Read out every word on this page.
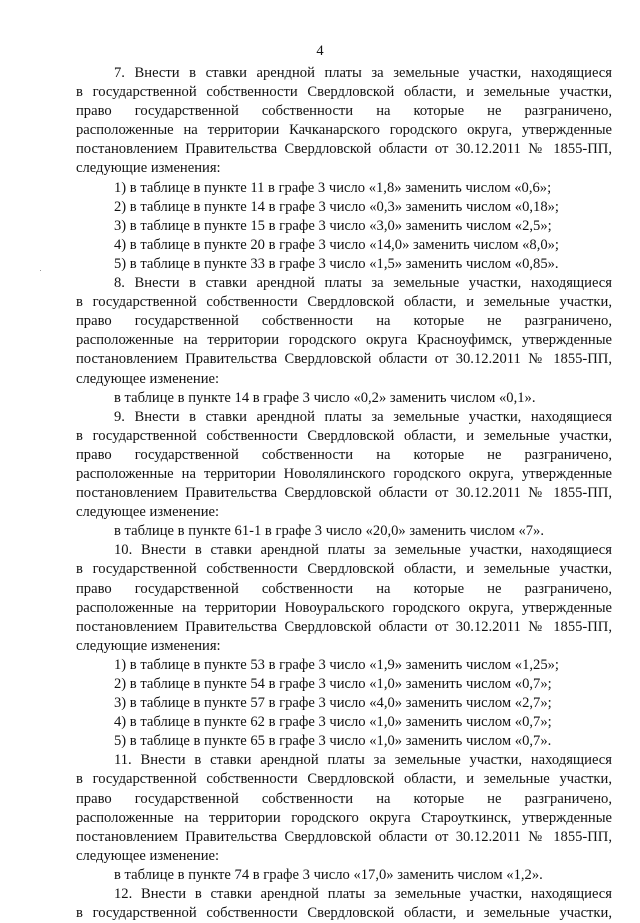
4
7. Внести в ставки арендной платы за земельные участки, находящиеся
в государственной собственности Свердловской области, и земельные участки,
право государственной собственности на которые не разграничено,
расположенные на территории Качканарского городского округа, утвержденные
постановлением Правительства Свердловской области от 30.12.2011 № 1855-ПП,
следующие изменения:
1) в таблице в пункте 11 в графе 3 число «1,8» заменить числом «0,6»;
2) в таблице в пункте 14 в графе 3 число «0,3» заменить числом «0,18»;
3) в таблице в пункте 15 в графе 3 число «3,0» заменить числом «2,5»;
4) в таблице в пункте 20 в графе 3 число «14,0» заменить числом «8,0»;
5) в таблице в пункте 33 в графе 3 число «1,5» заменить числом «0,85».
8. Внести в ставки арендной платы за земельные участки, находящиеся
в государственной собственности Свердловской области, и земельные участки,
право государственной собственности на которые не разграничено,
расположенные на территории городского округа Красноуфимск, утвержденные
постановлением Правительства Свердловской области от 30.12.2011 № 1855-ПП,
следующее изменение:
в таблице в пункте 14 в графе 3 число «0,2» заменить числом «0,1».
9. Внести в ставки арендной платы за земельные участки, находящиеся
в государственной собственности Свердловской области, и земельные участки,
право государственной собственности на которые не разграничено,
расположенные на территории Новолялинского городского округа, утвержденные
постановлением Правительства Свердловской области от 30.12.2011 № 1855-ПП,
следующее изменение:
в таблице в пункте 61-1 в графе 3 число «20,0» заменить числом «7».
10. Внести в ставки арендной платы за земельные участки, находящиеся
в государственной собственности Свердловской области, и земельные участки,
право государственной собственности на которые не разграничено,
расположенные на территории Новоуральского городского округа, утвержденные
постановлением Правительства Свердловской области от 30.12.2011 № 1855-ПП,
следующие изменения:
1) в таблице в пункте 53 в графе 3 число «1,9» заменить числом «1,25»;
2) в таблице в пункте 54 в графе 3 число «1,0» заменить числом «0,7»;
3) в таблице в пункте 57 в графе 3 число «4,0» заменить числом «2,7»;
4) в таблице в пункте 62 в графе 3 число «1,0» заменить числом «0,7»;
5) в таблице в пункте 65 в графе 3 число «1,0» заменить числом «0,7».
11. Внести в ставки арендной платы за земельные участки, находящиеся
в государственной собственности Свердловской области, и земельные участки,
право государственной собственности на которые не разграничено,
расположенные на территории городского округа Староуткинск, утвержденные
постановлением Правительства Свердловской области от 30.12.2011 № 1855-ПП,
следующее изменение:
в таблице в пункте 74 в графе 3 число «17,0» заменить числом «1,2».
12. Внести в ставки арендной платы за земельные участки, находящиеся
в государственной собственности Свердловской области, и земельные участки,
